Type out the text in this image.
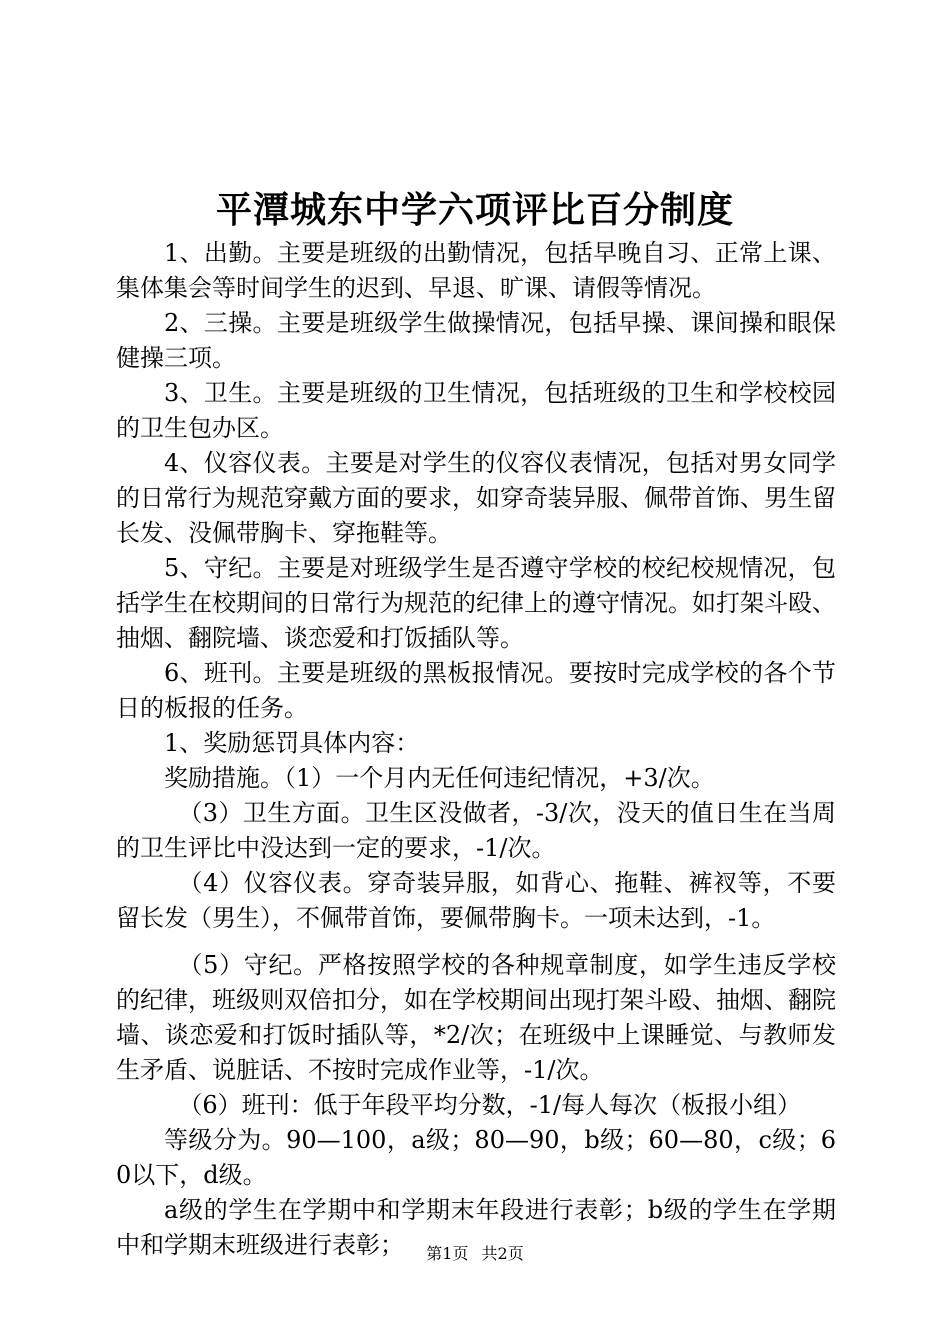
平潭城东中学六项评比百分制度

1、出勤。主要是班级的出勤情况，包括早晚自习、正常上课、集体集会等时间学生的迟到、早退、旷课、请假等情况。

2、三操。主要是班级学生做操情况，包括早操、课间操和眼保健操三项。

3、卫生。主要是班级的卫生情况，包括班级的卫生和学校校园的卫生包办区。

4、仪容仪表。主要是对学生的仪容仪表情况，包括对男女同学的日常行为规范穿戴方面的要求，如穿奇装异服、佩带首饰、男生留长发、没佩带胸卡、穿拖鞋等。

5、守纪。主要是对班级学生是否遵守学校的校纪校规情况，包括学生在校期间的日常行为规范的纪律上的遵守情况。如打架斗殴、抽烟、翻院墙、谈恋爱和打饭插队等。

6、班刊。主要是班级的黑板报情况。要按时完成学校的各个节日的板报的任务。

1、奖励惩罚具体内容：

奖励措施。（1）一个月内无任何违纪情况，+3/次。

（3）卫生方面。卫生区没做者，-3/次，没天的值日生在当周的卫生评比中没达到一定的要求，-1/次。

（4）仪容仪表。穿奇装异服，如背心、拖鞋、裤衩等，不要留长发（男生），不佩带首饰，要佩带胸卡。一项未达到，-1。

（5）守纪。严格按照学校的各种规章制度，如学生违反学校的纪律，班级则双倍扣分，如在学校期间出现打架斗殴、抽烟、翻院墙、谈恋爱和打饭时插队等，*2/次；在班级中上课睡觉、与教师发生矛盾、说脏话、不按时完成作业等，-1/次。

（6）班刊：低于年段平均分数，-1/每人每次（板报小组）

等级分为。90—100，a级；80—90，b级；60—80，c级；60以下，d级。

a级的学生在学期中和学期末年段进行表彰；b级的学生在学期中和学期末班级进行表彰；	第1页 共2页
